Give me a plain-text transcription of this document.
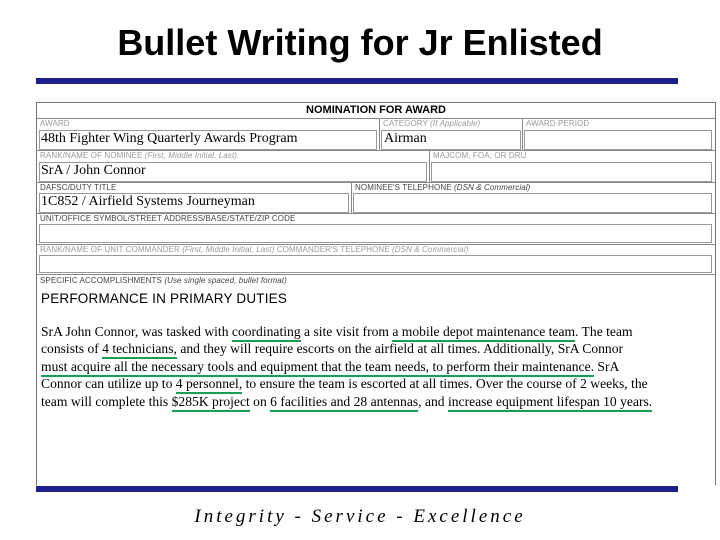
Bullet Writing for Jr Enlisted
NOMINATION FOR AWARD
AWARD
48th Fighter Wing Quarterly Awards Program
CATEGORY (If Applicable)
Airman
AWARD PERIOD
RANK/NAME OF NOMINEE (First, Middle Initial, Last)
SrA / John Connor
MAJCOM, FOA, OR DRU
DAFSC/DUTY TITLE
1C852 / Airfield Systems Journeyman
NOMINEE'S TELEPHONE (DSN & Commercial)
UNIT/OFFICE SYMBOL/STREET ADDRESS/BASE/STATE/ZIP CODE
RANK/NAME OF UNIT COMMANDER (First, Middle Initial, Last) COMMANDER'S TELEPHONE (DSN & Commercial)
SPECIFIC ACCOMPLISHMENTS (Use single spaced, bullet format)
PERFORMANCE IN PRIMARY DUTIES
SrA John Connor, was tasked with coordinating a site visit from a mobile depot maintenance team. The team
consists of 4 technicians, and they will require escorts on the airfield at all times. Additionally, SrA Connor
must acquire all the necessary tools and equipment that the team needs, to perform their maintenance. SrA
Connor can utilize up to 4 personnel, to ensure the team is escorted at all times. Over the course of 2 weeks, the
team will complete this $285K project on 6 facilities and 28 antennas, and increase equipment lifespan 10 years.
Integrity - Service - Excellence
